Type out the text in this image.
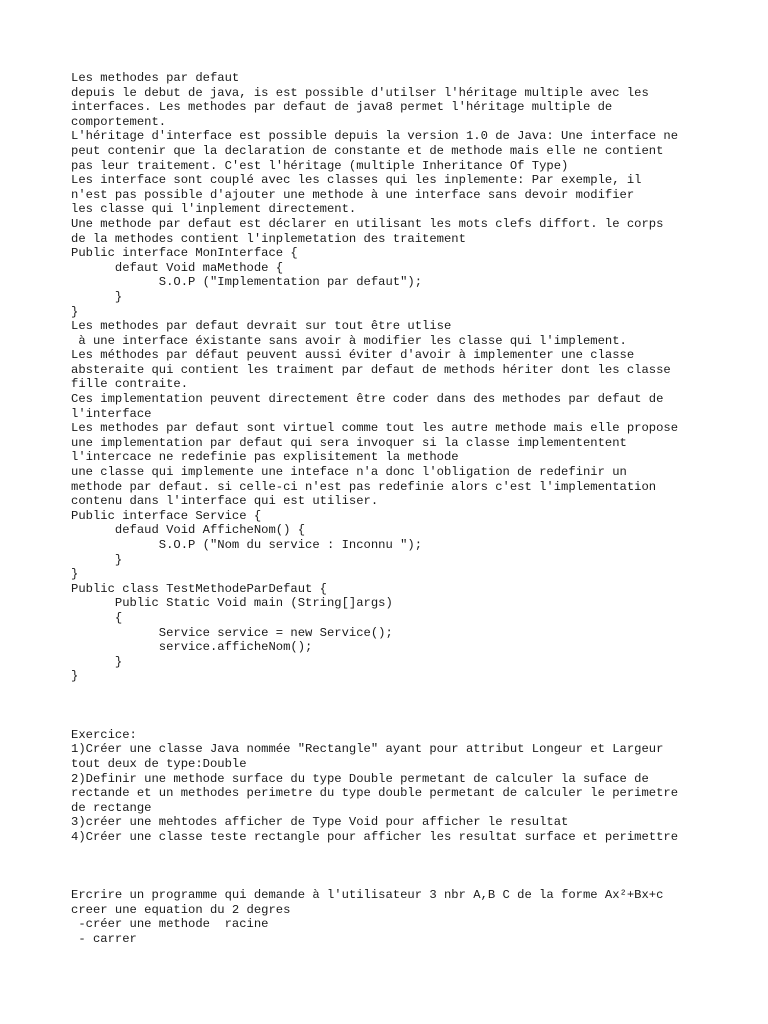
Les methodes par defaut
depuis le debut de java, is est possible d'utilser l'héritage multiple avec les
interfaces. Les methodes par defaut de java8 permet l'héritage multiple de
comportement.
L'héritage d'interface est possible depuis la version 1.0 de Java: Une interface ne
peut contenir que la declaration de constante et de methode mais elle ne contient
pas leur traitement. C'est l'héritage (multiple Inheritance Of Type)
Les interface sont couplé avec les classes qui les inplemente: Par exemple, il
n'est pas possible d'ajouter une methode à une interface sans devoir modifier
les classe qui l'inplement directement.
Une methode par defaut est déclarer en utilisant les mots clefs diffort. le corps
de la methodes contient l'inplemetation des traitement
Public interface MonInterface {
defaut Void maMethode {
S.O.P ("Implementation par defaut");
}
}
Les methodes par defaut devrait sur tout être utlise
à une interface éxistante sans avoir à modifier les classe qui l'implement.
Les méthodes par défaut peuvent aussi éviter d'avoir à implementer une classe
absteraite qui contient les traiment par defaut de methods hériter dont les classe
fille contraite.
Ces implementation peuvent directement être coder dans des methodes par defaut de
l'interface
Les methodes par defaut sont virtuel comme tout les autre methode mais elle propose
une implementation par defaut qui sera invoquer si la classe implemententent
l'intercace ne redefinie pas explisitement la methode
une classe qui implemente une inteface n'a donc l'obligation de redefinir un
methode par defaut. si celle-ci n'est pas redefinie alors c'est l'implementation
contenu dans l'interface qui est utiliser.
Public interface Service {
defaud Void AfficheNom() {
S.O.P ("Nom du service : Inconnu ");
}
}
Public class TestMethodeParDefaut {
Public Static Void main (String[]args)
{
Service service = new Service();
service.afficheNom();
}
}
Exercice:
1)Créer une classe Java nommée "Rectangle" ayant pour attribut Longeur et Largeur
tout deux de type:Double
2)Definir une methode surface du type Double permetant de calculer la suface de
rectande et un methodes perimetre du type double permetant de calculer le perimetre
de rectange
3)créer une mehtodes afficher de Type Void pour afficher le resultat
4)Créer une classe teste rectangle pour afficher les resultat surface et perimettre
Ercrire un programme qui demande à l'utilisateur 3 nbr A,B C de la forme Ax²+Bx+c
creer une equation du 2 degres
-créer une methode  racine
- carrer
